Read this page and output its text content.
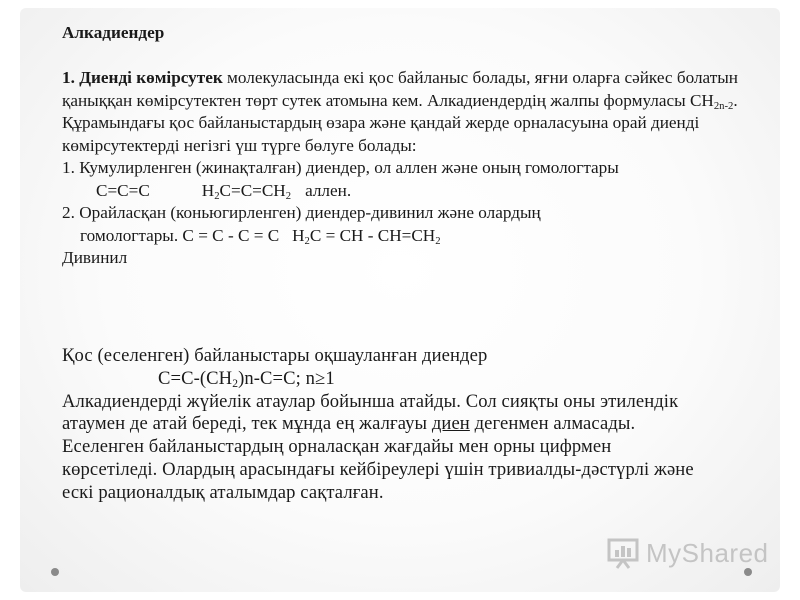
Алкадиендер

1. Диенді көмірсутек молекуласында екі қос байланыс болады, яғни оларға сәйкес болатын қаныққан көмірсутектен төрт сутек атомына кем. Алкадиендердің жалпы формуласы $CH_{2n-2}$. Құрамындағы қос байланыстардың өзара және қандай жерде орналасуына орай диенді көмірсутектерді негізгі үш түрге бөлуге болады:

1. Кумулирленген (жинақталған) диендер, ол аллен және оның гомологтары

C=C=C	$H_2C=C=CH_2$ аллен.

2. Орайласқан (коньюгирленген) диендер-дивинил және олардың

гомологтары. C = C - C = C $H_2C$ = CH - $CH=CH_2$

Дивинил

Қос (еселенген) байланыстары оқшауланған диендер

$C=C-(CH_2)n-C=C$; n≥1

Алкадиендерді жүйелік атаулар бойынша атайды. Сол сияқты оны этилендік атаумен де атай береді, тек мұнда ең жалғауы диен дегенмен алмасады. Еселенген байланыстардың орналасқан жағдайы мен орны цифрмен көрсетіледі. Олардың арасындағы кейбіреулері үшін тривиалды-дәстүрлі және ескі рационалдық аталымдар сақталған.

MyShared
